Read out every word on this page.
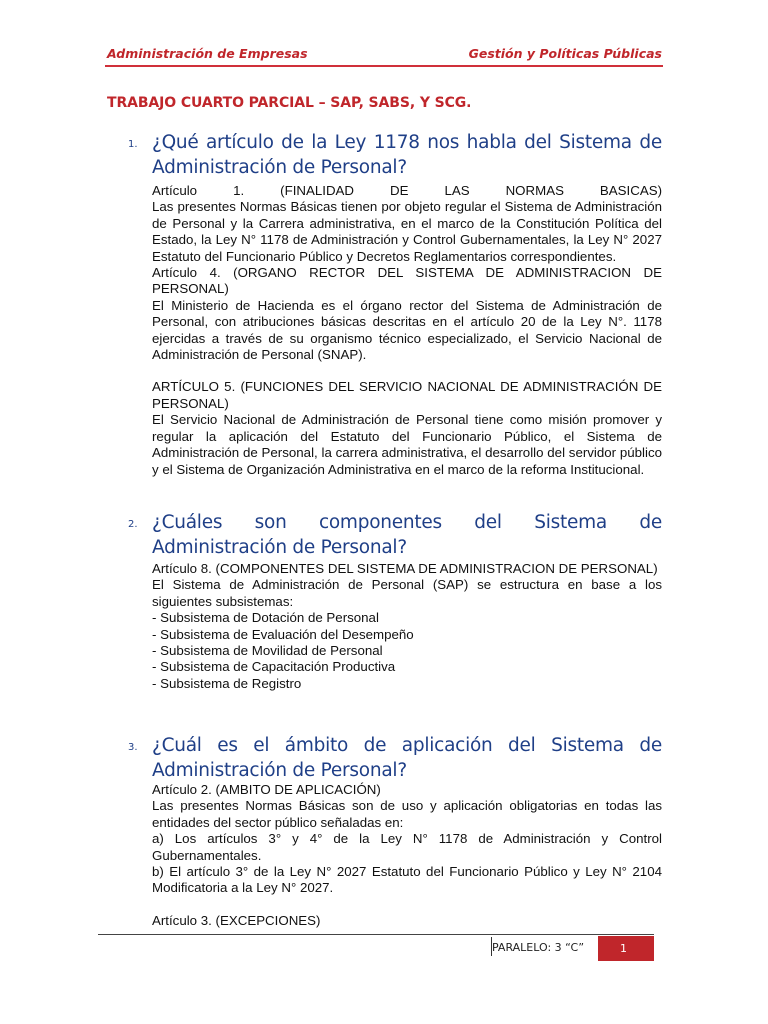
Administración de Empresas	Gestión y Políticas Públicas
TRABAJO CUARTO PARCIAL – SAP, SABS, Y SCG.
1. ¿Qué artículo de la Ley 1178 nos habla del Sistema de Administración de Personal?

Artículo 1. (FINALIDAD DE LAS NORMAS BASICAS)

Las presentes Normas Básicas tienen por objeto regular el Sistema de Administración de Personal y la Carrera administrativa, en el marco de la Constitución Política del Estado, la Ley N° 1178 de Administración y Control Gubernamentales, la Ley N° 2027 Estatuto del Funcionario Público y Decretos Reglamentarios correspondientes.

Artículo 4. (ORGANO RECTOR DEL SISTEMA DE ADMINISTRACION DE PERSONAL)

El Ministerio de Hacienda es el órgano rector del Sistema de Administración de Personal, con atribuciones básicas descritas en el artículo 20 de la Ley N°. 1178 ejercidas a través de su organismo técnico especializado, el Servicio Nacional de Administración de Personal (SNAP).

ARTÍCULO 5. (FUNCIONES DEL SERVICIO NACIONAL DE ADMINISTRACIÓN DE PERSONAL)

El Servicio Nacional de Administración de Personal tiene como misión promover y regular la aplicación del Estatuto del Funcionario Público, el Sistema de Administración de Personal, la carrera administrativa, el desarrollo del servidor público y el Sistema de Organización Administrativa en el marco de la reforma Institucional.

2. ¿Cuáles son componentes del Sistema de Administración de Personal?

Artículo 8. (COMPONENTES DEL SISTEMA DE ADMINISTRACION DE PERSONAL)

El Sistema de Administración de Personal (SAP) se estructura en base a los siguientes subsistemas:

- Subsistema de Dotación de Personal

- Subsistema de Evaluación del Desempeño

- Subsistema de Movilidad de Personal

- Subsistema de Capacitación Productiva

- Subsistema de Registro

3. ¿Cuál es el ámbito de aplicación del Sistema de Administración de Personal?

Artículo 2. (AMBITO DE APLICACIÓN)

Las presentes Normas Básicas son de uso y aplicación obligatorias en todas las entidades del sector público señaladas en:

a) Los artículos 3° y 4° de la Ley N° 1178 de Administración y Control Gubernamentales.

b) El artículo 3° de la Ley N° 2027 Estatuto del Funcionario Público y Ley N° 2104 Modificatoria a la Ley N° 2027.

Artículo 3. (EXCEPCIONES)

PARALELO: 3 “C”	1
